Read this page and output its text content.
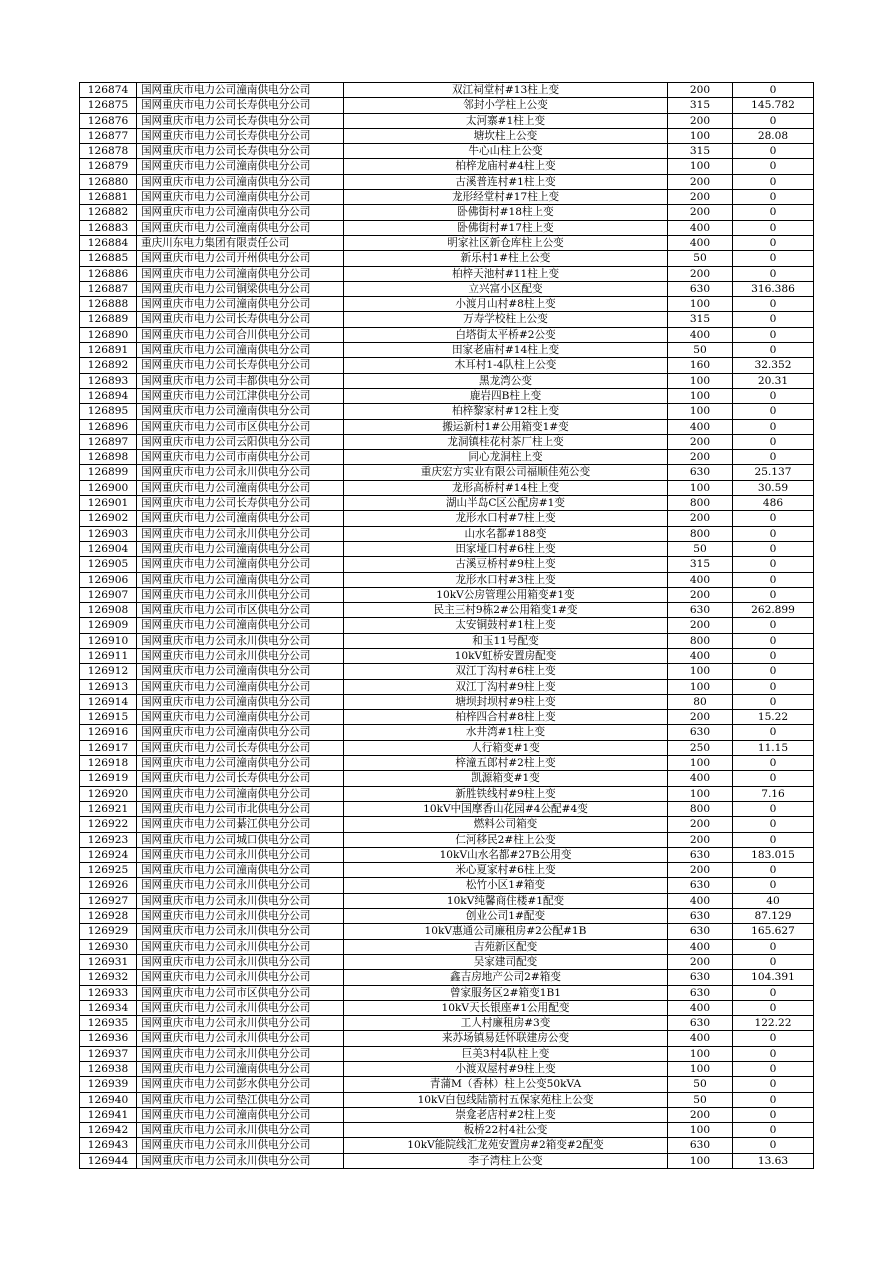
126874	国网重庆市电力公司潼南供电分公司	双江祠堂村#13柱上变	200	0
126875	国网重庆市电力公司长寿供电分公司	邻封小学柱上公变	315	145.782
126876	国网重庆市电力公司长寿供电分公司	太河寨#1柱上变	200	0
126877	国网重庆市电力公司长寿供电分公司	塘坎柱上公变	100	28.08
126878	国网重庆市电力公司长寿供电分公司	牛心山柱上公变	315	0
126879	国网重庆市电力公司潼南供电分公司	柏梓龙庙村#4柱上变	100	0
126880	国网重庆市电力公司潼南供电分公司	古溪普连村#1柱上变	200	0
126881	国网重庆市电力公司潼南供电分公司	龙形经堂村#17柱上变	200	0
126882	国网重庆市电力公司潼南供电分公司	卧佛街村#18柱上变	200	0
126883	国网重庆市电力公司潼南供电分公司	卧佛街村#17柱上变	400	0
126884	重庆川东电力集团有限责任公司	明家社区新仓库柱上公变	400	0
126885	国网重庆市电力公司开州供电分公司	新乐村1#柱上公变	50	0
126886	国网重庆市电力公司潼南供电分公司	柏梓天池村#11柱上变	200	0
126887	国网重庆市电力公司铜梁供电分公司	立兴富小区配变	630	316.386
126888	国网重庆市电力公司潼南供电分公司	小渡月山村#8柱上变	100	0
126889	国网重庆市电力公司长寿供电分公司	万寿学校柱上公变	315	0
126890	国网重庆市电力公司合川供电分公司	白塔街太平桥#2公变	400	0
126891	国网重庆市电力公司潼南供电分公司	田家老庙村#14柱上变	50	0
126892	国网重庆市电力公司长寿供电分公司	木耳村1-4队柱上公变	160	32.352
126893	国网重庆市电力公司丰都供电分公司	黑龙湾公变	100	20.31
126894	国网重庆市电力公司江津供电分公司	鹿岩四B柱上变	100	0
126895	国网重庆市电力公司潼南供电分公司	柏梓黎家村#12柱上变	100	0
126896	国网重庆市电力公司市区供电分公司	搬运新村1#公用箱变1#变	400	0
126897	国网重庆市电力公司云阳供电分公司	龙洞镇桂花村茶厂柱上变	200	0
126898	国网重庆市电力公司市南供电分公司	同心龙洞柱上变	200	0
126899	国网重庆市电力公司永川供电分公司	重庆宏方实业有限公司福顺佳苑公变	630	25.137
126900	国网重庆市电力公司潼南供电分公司	龙形高桥村#14柱上变	100	30.59
126901	国网重庆市电力公司长寿供电分公司	湖山半岛C区公配房#1变	800	486
126902	国网重庆市电力公司潼南供电分公司	龙形水口村#7柱上变	200	0
126903	国网重庆市电力公司永川供电分公司	山水名都#188变	800	0
126904	国网重庆市电力公司潼南供电分公司	田家垭口村#6柱上变	50	0
126905	国网重庆市电力公司潼南供电分公司	古溪豆桥村#9柱上变	315	0
126906	国网重庆市电力公司潼南供电分公司	龙形水口村#3柱上变	400	0
126907	国网重庆市电力公司永川供电分公司	10kV公房管理公用箱变#1变	200	0
126908	国网重庆市电力公司市区供电分公司	民主三村9栋2#公用箱变1#变	630	262.899
126909	国网重庆市电力公司潼南供电分公司	太安铜鼓村#1柱上变	200	0
126910	国网重庆市电力公司永川供电分公司	和玉11号配变	800	0
126911	国网重庆市电力公司永川供电分公司	10kV虹桥安置房配变	400	0
126912	国网重庆市电力公司潼南供电分公司	双江丁沟村#6柱上变	100	0
126913	国网重庆市电力公司潼南供电分公司	双江丁沟村#9柱上变	100	0
126914	国网重庆市电力公司潼南供电分公司	塘坝封坝村#9柱上变	80	0
126915	国网重庆市电力公司潼南供电分公司	柏梓四合村#8柱上变	200	15.22
126916	国网重庆市电力公司潼南供电分公司	水井湾#1柱上变	630	0
126917	国网重庆市电力公司长寿供电分公司	人行箱变#1变	250	11.15
126918	国网重庆市电力公司潼南供电分公司	梓潼五郎村#2柱上变	100	0
126919	国网重庆市电力公司长寿供电分公司	凯源箱变#1变	400	0
126920	国网重庆市电力公司潼南供电分公司	新胜铁线村#9柱上变	100	7.16
126921	国网重庆市电力公司市北供电分公司	10kV中国摩香山花园#4公配#4变	800	0
126922	国网重庆市电力公司綦江供电分公司	燃料公司箱变	200	0
126923	国网重庆市电力公司城口供电分公司	仁河移民2#柱上公变	200	0
126924	国网重庆市电力公司永川供电分公司	10kV山水名都#27B公用变	630	183.015
126925	国网重庆市电力公司潼南供电分公司	米心夏家村#6柱上变	200	0
126926	国网重庆市电力公司永川供电分公司	松竹小区1#箱变	630	0
126927	国网重庆市电力公司永川供电分公司	10kV纯馨商住楼#1配变	400	40
126928	国网重庆市电力公司永川供电分公司	创业公司1#配变	630	87.129
126929	国网重庆市电力公司永川供电分公司	10kV惠通公司廉租房#2公配#1B	630	165.627
126930	国网重庆市电力公司永川供电分公司	吉苑新区配变	400	0
126931	国网重庆市电力公司永川供电分公司	吴家建司配变	200	0
126932	国网重庆市电力公司永川供电分公司	鑫吉房地产公司2#箱变	630	104.391
126933	国网重庆市电力公司市区供电分公司	曾家服务区2#箱变1B1	630	0
126934	国网重庆市电力公司永川供电分公司	10kV天长银座#1公用配变	400	0
126935	国网重庆市电力公司永川供电分公司	工人村廉租房#3变	630	122.22
126936	国网重庆市电力公司永川供电分公司	来苏场镇易廷怀联建房公变	400	0
126937	国网重庆市电力公司永川供电分公司	巨美3村4队柱上变	100	0
126938	国网重庆市电力公司潼南供电分公司	小渡双屋村#9柱上变	100	0
126939	国网重庆市电力公司彭水供电分公司	青蒲M（香林）柱上公变50kVA	50	0
126940	国网重庆市电力公司垫江供电分公司	10kV白包线陆箭村五保家苑柱上公变	50	0
126941	国网重庆市电力公司潼南供电分公司	崇龛老店村#2柱上变	200	0
126942	国网重庆市电力公司永川供电分公司	板桥22村4社公变	100	0
126943	国网重庆市电力公司永川供电分公司	10kV能院线汇龙苑安置房#2箱变#2配变	630	0
126944	国网重庆市电力公司永川供电分公司	李子湾柱上公变	100	13.63
